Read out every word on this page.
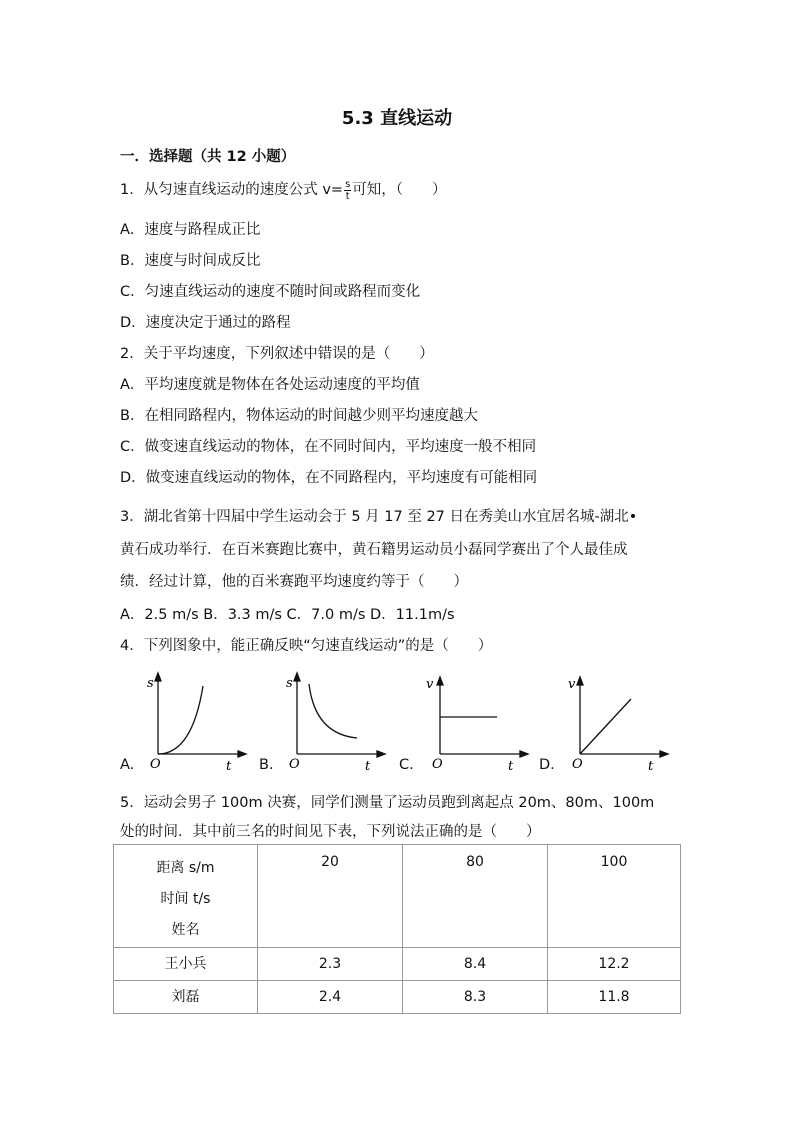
5.3 直线运动
一．选择题（共 12 小题）
1．从匀速直线运动的速度公式 $v= \frac{s}{t}$ 可知，（　　）
A．速度与路程成正比
B．速度与时间成反比
C．匀速直线运动的速度不随时间或路程而变化
D．速度决定于通过的路程
2．关于平均速度，下列叙述中错误的是（　　）
A．平均速度就是物体在各处运动速度的平均值
B．在相同路程内，物体运动的时间越少则平均速度越大
C．做变速直线运动的物体，在不同时间内，平均速度一般不相同
D．做变速直线运动的物体，在不同路程内，平均速度有可能相同
3．湖北省第十四届中学生运动会于 5 月 17 至 27 日在秀美山水宜居名城-湖北•
黄石成功举行．在百米赛跑比赛中，黄石籍男运动员小磊同学赛出了个人最佳成
绩．经过计算，他的百米赛跑平均速度约等于（　　）
A．2.5 m/s B．3.3 m/s C．7.0 m/s D．11.1m/s
4．下列图象中，能正确反映“匀速直线运动”的是（　　）
A.
s
O	t B.
s
O	t C.
v
O	t D.
v
O	t
5．运动会男子 100m 决赛，同学们测量了运动员跑到离起点 20m、80m、100m
处的时间．其中前三名的时间见下表，下列说法正确的是（　　）
距离 s/m
时间 t/s
姓名	20	80	100
王小兵	2.3	8.4	12.2
刘磊	2.4	8.3	11.8
